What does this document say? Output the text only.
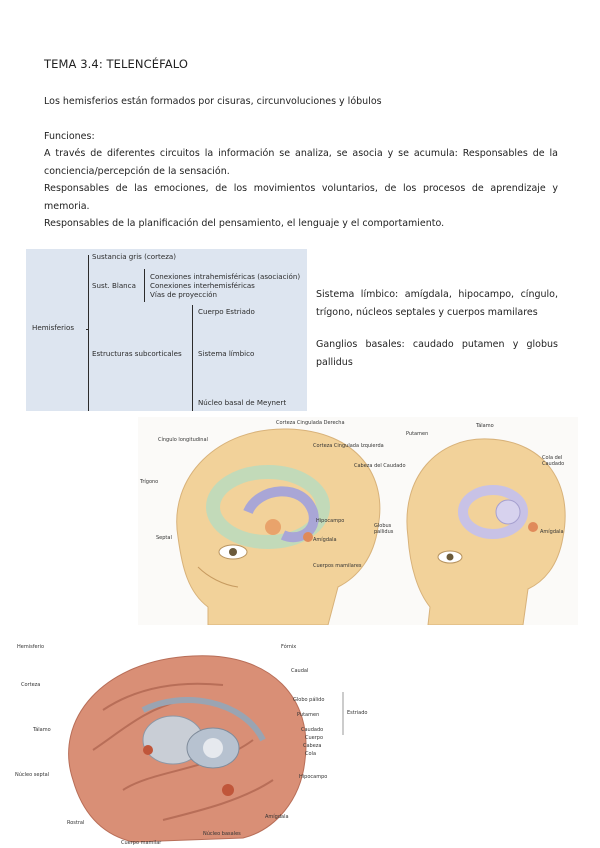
TEMA 3.4: TELENCÉFALO
Los hemisferios están formados por cisuras, circunvoluciones y lóbulos
Funciones:
A través de diferentes circuitos la información se analiza, se asocia y se acumula: Responsables de la conciencia/percepción de la sensación.
Responsables de las emociones, de los movimientos voluntarios, de los procesos de aprendizaje y memoria.
Responsables de la planificación del pensamiento, el lenguaje y el comportamiento.
Hemisferios
Sustancia gris (corteza)
Sust. Blanca
Conexiones intrahemisféricas (asociación)
Conexiones interhemisféricas
Vías de proyección
Estructuras subcorticales
Cuerpo Estriado
Sistema límbico
Núcleo basal de Meynert

Sistema límbico: amígdala, hipocampo, cíngulo, trígono, núcleos septales y cuerpos mamilares

Ganglios basales: caudado putamen y globus pallidus

Cíngulo longitudinal
Corteza Cingulada Derecha
Corteza Cingulada Izquierda
Trígono
Hipocampo
Septal	Amígdala
Cuerpos mamilares
Putamen
Tálamo
Cabeza del Caudado
Cola del Caudado
Globus pallidus	Amígdala
Hemisferio	Fórnix
Corteza
Caudal
Globo pálido
Estriado
Putamen
Caudado
Cuerpo
Cabeza
Cola
Tálamo
Núcleo septal	Hipocampo
Rostral
Amígdala
Núcleo basales
Cuerpo mamilar
